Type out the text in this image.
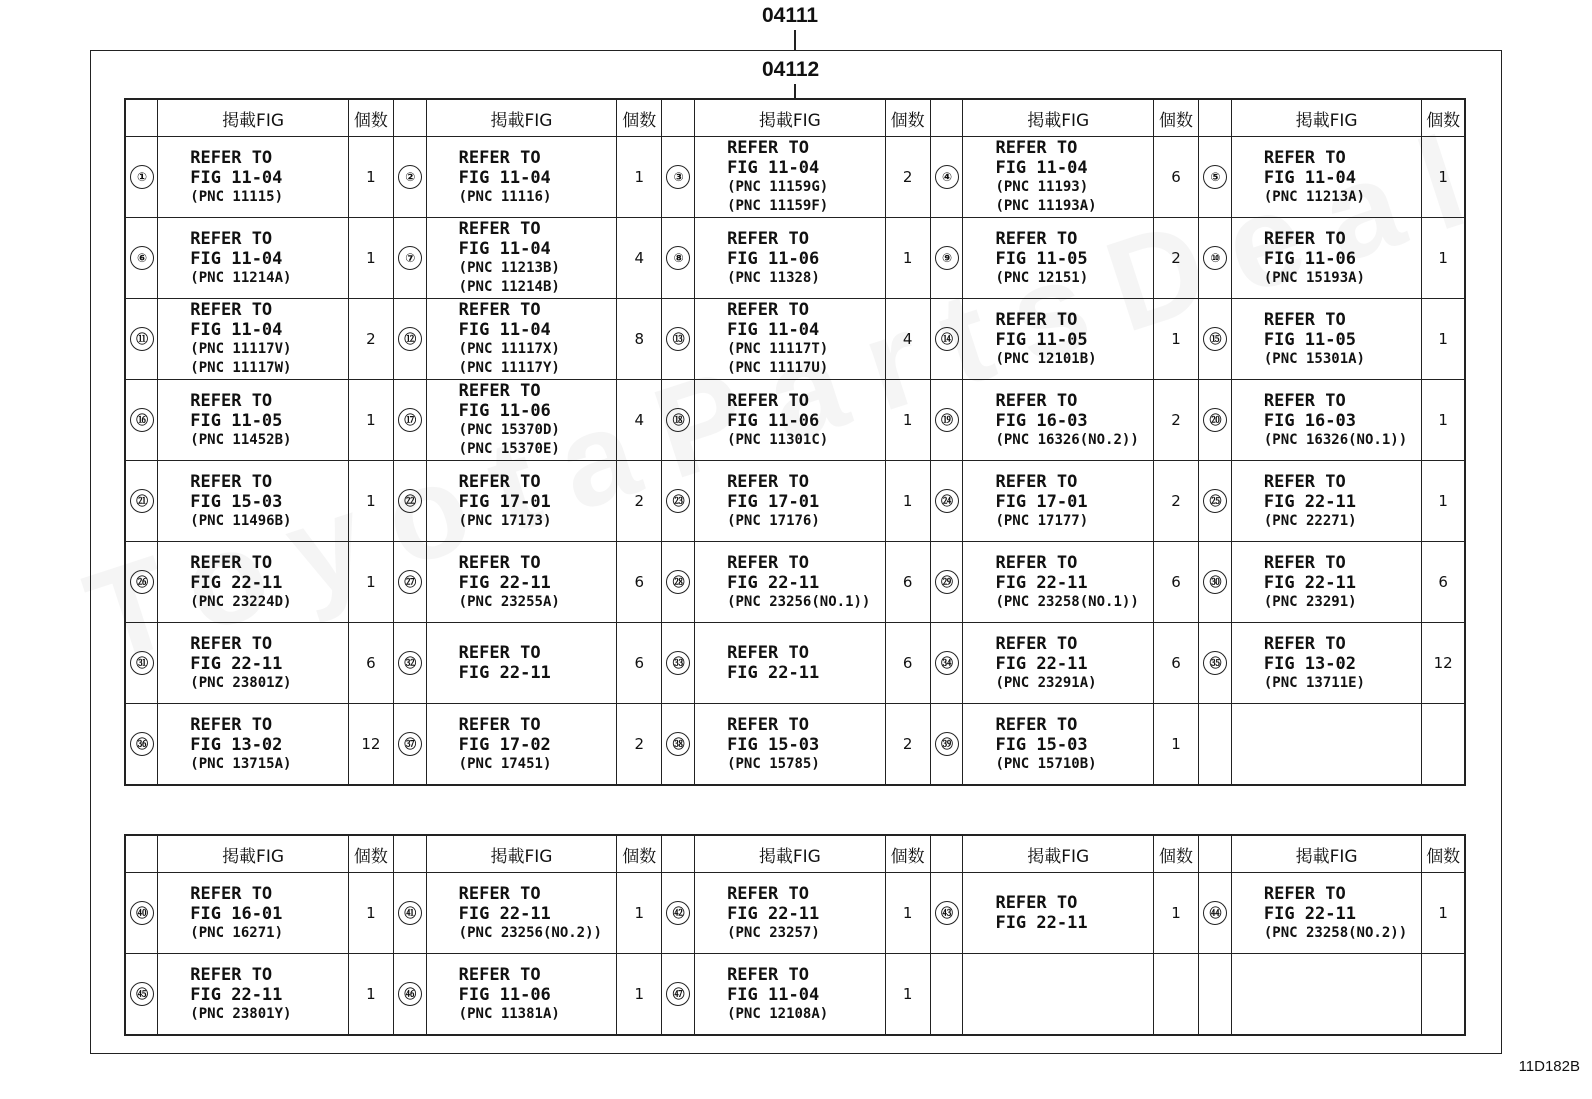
04111
04112
	掲載FIG	個数		掲載FIG	個数		掲載FIG	個数		掲載FIG	個数		掲載FIG	個数
①	REFER TO
FIG 11-04
(PNC 11115)	1	②	REFER TO
FIG 11-04
(PNC 11116)	1	③	REFER TO
FIG 11-04
(PNC 11159G)
(PNC 11159F)	2	④	REFER TO
FIG 11-04
(PNC 11193)
(PNC 11193A)	6	⑤	REFER TO
FIG 11-04
(PNC 11213A)	1
⑥	REFER TO
FIG 11-04
(PNC 11214A)	1	⑦	REFER TO
FIG 11-04
(PNC 11213B)
(PNC 11214B)	4	⑧	REFER TO
FIG 11-06
(PNC 11328)	1	⑨	REFER TO
FIG 11-05
(PNC 12151)	2	⑩	REFER TO
FIG 11-06
(PNC 15193A)	1
⑪	REFER TO
FIG 11-04
(PNC 11117V)
(PNC 11117W)	2	⑫	REFER TO
FIG 11-04
(PNC 11117X)
(PNC 11117Y)	8	⑬	REFER TO
FIG 11-04
(PNC 11117T)
(PNC 11117U)	4	⑭	REFER TO
FIG 11-05
(PNC 12101B)	1	⑮	REFER TO
FIG 11-05
(PNC 15301A)	1
⑯	REFER TO
FIG 11-05
(PNC 11452B)	1	⑰	REFER TO
FIG 11-06
(PNC 15370D)
(PNC 15370E)	4	⑱	REFER TO
FIG 11-06
(PNC 11301C)	1	⑲	REFER TO
FIG 16-03
(PNC 16326(NO.2))	2	⑳	REFER TO
FIG 16-03
(PNC 16326(NO.1))	1
㉑	REFER TO
FIG 15-03
(PNC 11496B)	1	㉒	REFER TO
FIG 17-01
(PNC 17173)	2	㉓	REFER TO
FIG 17-01
(PNC 17176)	1	㉔	REFER TO
FIG 17-01
(PNC 17177)	2	㉕	REFER TO
FIG 22-11
(PNC 22271)	1
㉖	REFER TO
FIG 22-11
(PNC 23224D)	1	㉗	REFER TO
FIG 22-11
(PNC 23255A)	6	㉘	REFER TO
FIG 22-11
(PNC 23256(NO.1))	6	㉙	REFER TO
FIG 22-11
(PNC 23258(NO.1))	6	㉚	REFER TO
FIG 22-11
(PNC 23291)	6
㉛	REFER TO
FIG 22-11
(PNC 23801Z)	6	㉜	REFER TO
FIG 22-11	6	㉝	REFER TO
FIG 22-11	6	㉞	REFER TO
FIG 22-11
(PNC 23291A)	6	㉟	REFER TO
FIG 13-02
(PNC 13711E)	12
㊱	REFER TO
FIG 13-02
(PNC 13715A)	12	㊲	REFER TO
FIG 17-02
(PNC 17451)	2	㊳	REFER TO
FIG 15-03
(PNC 15785)	2	㊴	REFER TO
FIG 15-03
(PNC 15710B)	1			
	掲載FIG	個数		掲載FIG	個数		掲載FIG	個数		掲載FIG	個数		掲載FIG	個数
㊵	REFER TO
FIG 16-01
(PNC 16271)	1	㊶	REFER TO
FIG 22-11
(PNC 23256(NO.2))	1	㊷	REFER TO
FIG 22-11
(PNC 23257)	1	㊸	REFER TO
FIG 22-11	1	㊹	REFER TO
FIG 22-11
(PNC 23258(NO.2))	1
㊺	REFER TO
FIG 22-11
(PNC 23801Y)	1	㊻	REFER TO
FIG 11-06
(PNC 11381A)	1	㊼	REFER TO
FIG 11-04
(PNC 12108A)	1						
11D182B
